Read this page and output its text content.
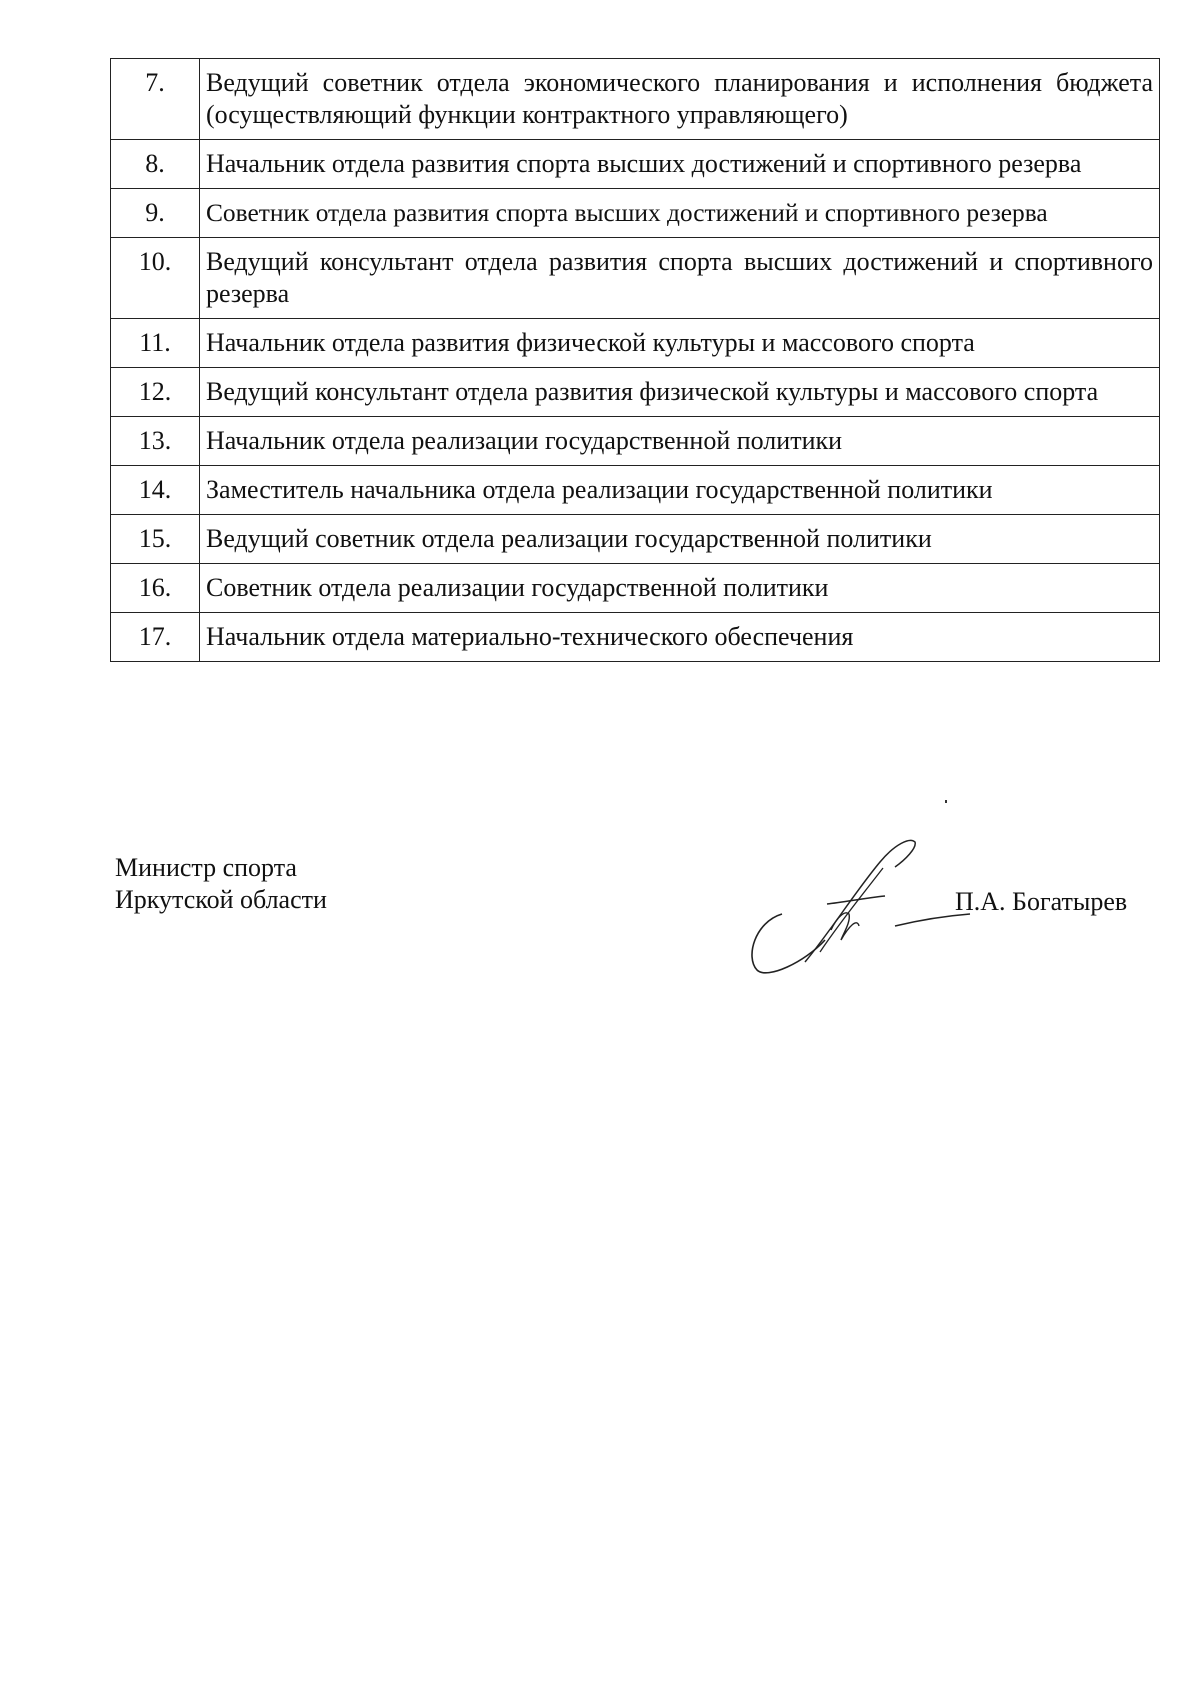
7.	Ведущий советник отдела экономического планирования и исполнения бюджета (осуществляющий функции контрактного управляющего)
8.	Начальник отдела развития спорта высших достижений и спортивного резерва
9.	Советник отдела развития спорта высших достижений и спортивного резерва
10.	Ведущий консультант отдела развития спорта высших достижений и спортивного резерва
11.	Начальник отдела развития физической культуры и массового спорта
12.	Ведущий консультант отдела развития физической культуры и массового спорта
13.	Начальник отдела реализации государственной политики
14.	Заместитель начальника отдела реализации государственной политики
15.	Ведущий советник отдела реализации государственной политики
16.	Советник отдела реализации государственной политики
17.	Начальник отдела материально-технического обеспечения
Министр спорта
Иркутской области	П.А. Богатырев
